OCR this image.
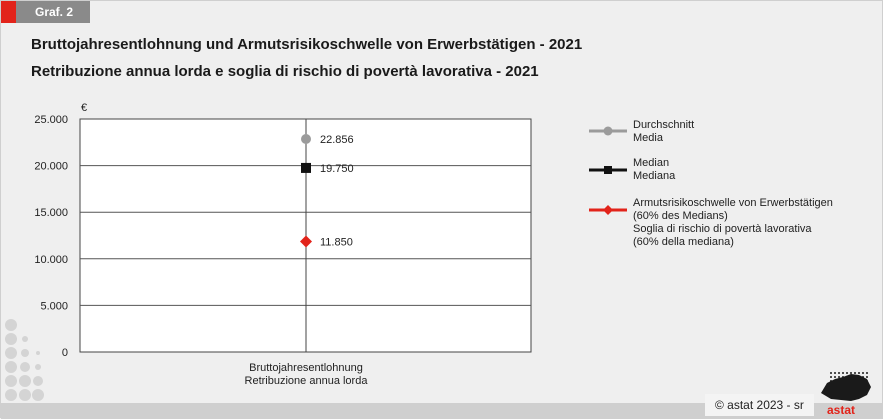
Graf. 2
Bruttojahresentlohnung und Armutsrisikoschwelle von Erwerbstätigen - 2021
Retribuzione annua lorda e soglia di rischio di povertà lavorativa - 2021
0
5.000
10.000
15.000
20.000
25.000
€
22.856
19.750
11.850
Bruttojahresentlohnung
Retribuzione annua lorda
Durchschnitt
Media
Median
Mediana
Armutsrisikoschwelle von Erwerbstätigen
(60% des Medians)
Soglia di rischio di povertà lavorativa
(60% della mediana)
© astat 2023 - sr	astat
